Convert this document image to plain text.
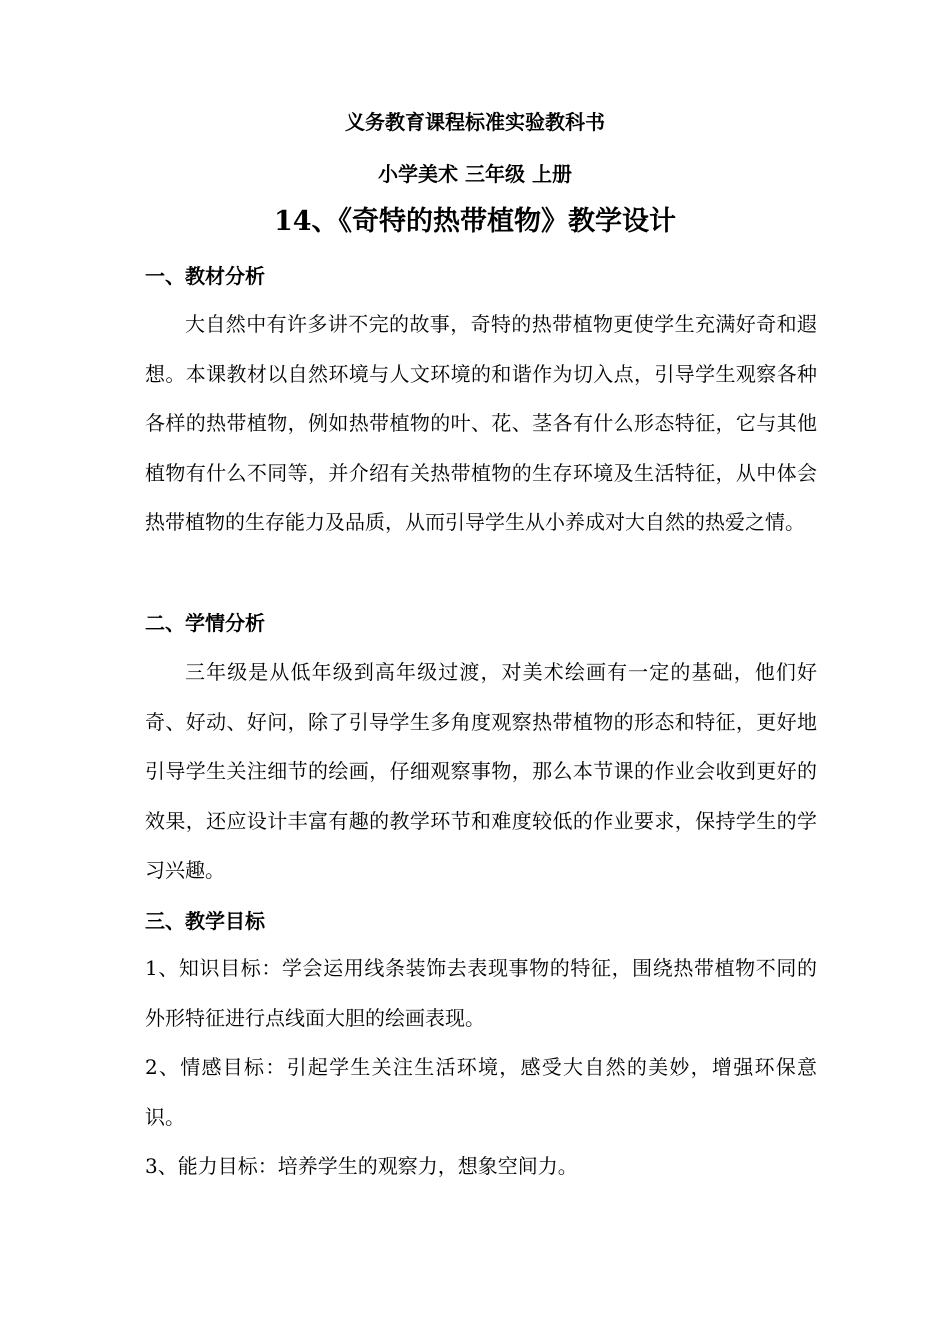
义务教育课程标准实验教科书
小学美术 三年级 上册
14、《奇特的热带植物》教学设计
一、教材分析
大自然中有许多讲不完的故事，奇特的热带植物更使学生充满好奇和遐想。本课教材以自然环境与人文环境的和谐作为切入点，引导学生观察各种各样的热带植物，例如热带植物的叶、花、茎各有什么形态特征，它与其他植物有什么不同等，并介绍有关热带植物的生存环境及生活特征，从中体会热带植物的生存能力及品质，从而引导学生从小养成对大自然的热爱之情。
二、学情分析
三年级是从低年级到高年级过渡，对美术绘画有一定的基础，他们好奇、好动、好问，除了引导学生多角度观察热带植物的形态和特征，更好地引导学生关注细节的绘画，仔细观察事物，那么本节课的作业会收到更好的效果，还应设计丰富有趣的教学环节和难度较低的作业要求，保持学生的学习兴趣。
三、教学目标
1、知识目标：学会运用线条装饰去表现事物的特征，围绕热带植物不同的外形特征进行点线面大胆的绘画表现。
2、情感目标：引起学生关注生活环境，感受大自然的美妙，增强环保意识。
3、能力目标：培养学生的观察力，想象空间力。
